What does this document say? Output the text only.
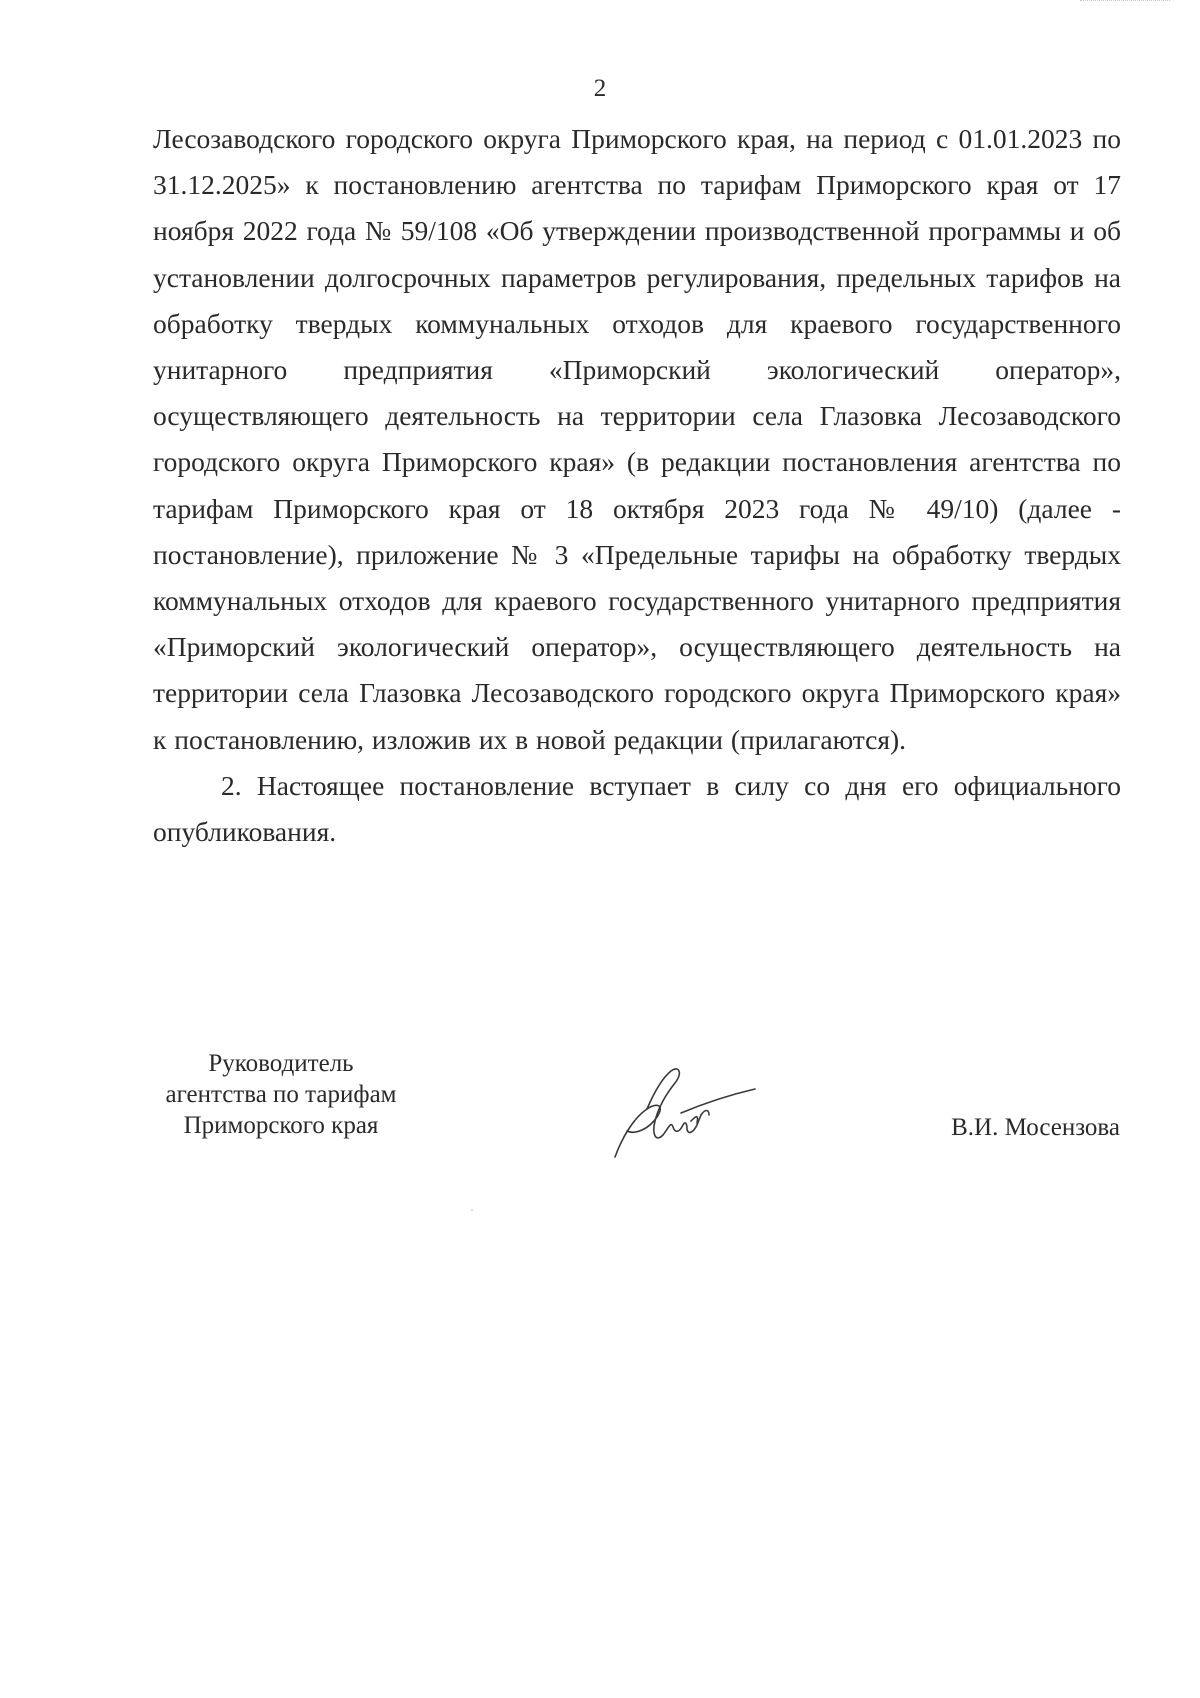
2

Лесозаводского городского округа Приморского края, на период с 01.01.2023 по 31.12.2025» к постановлению агентства по тарифам Приморского края от 17 ноября 2022 года № 59/108 «Об утверждении производственной программы и об установлении долгосрочных параметров регулирования, предельных тарифов на обработку твердых коммунальных отходов для краевого государственного унитарного предприятия «Приморский экологический оператор», осуществляющего деятельность на территории села Глазовка Лесозаводского городского округа Приморского края» (в редакции постановления агентства по тарифам Приморского края от 18 октября 2023 года № 49/10) (далее - постановление), приложение № 3 «Предельные тарифы на обработку твердых коммунальных отходов для краевого государственного унитарного предприятия «Приморский экологический оператор», осуществляющего деятельность на территории села Глазовка Лесозаводского городского округа Приморского края» к постановлению, изложив их в новой редакции (прилагаются).

2. Настоящее постановление вступает в силу со дня его официального опубликования.

Руководитель
агентства по тарифам
Приморского края	В.И. Мосензова
